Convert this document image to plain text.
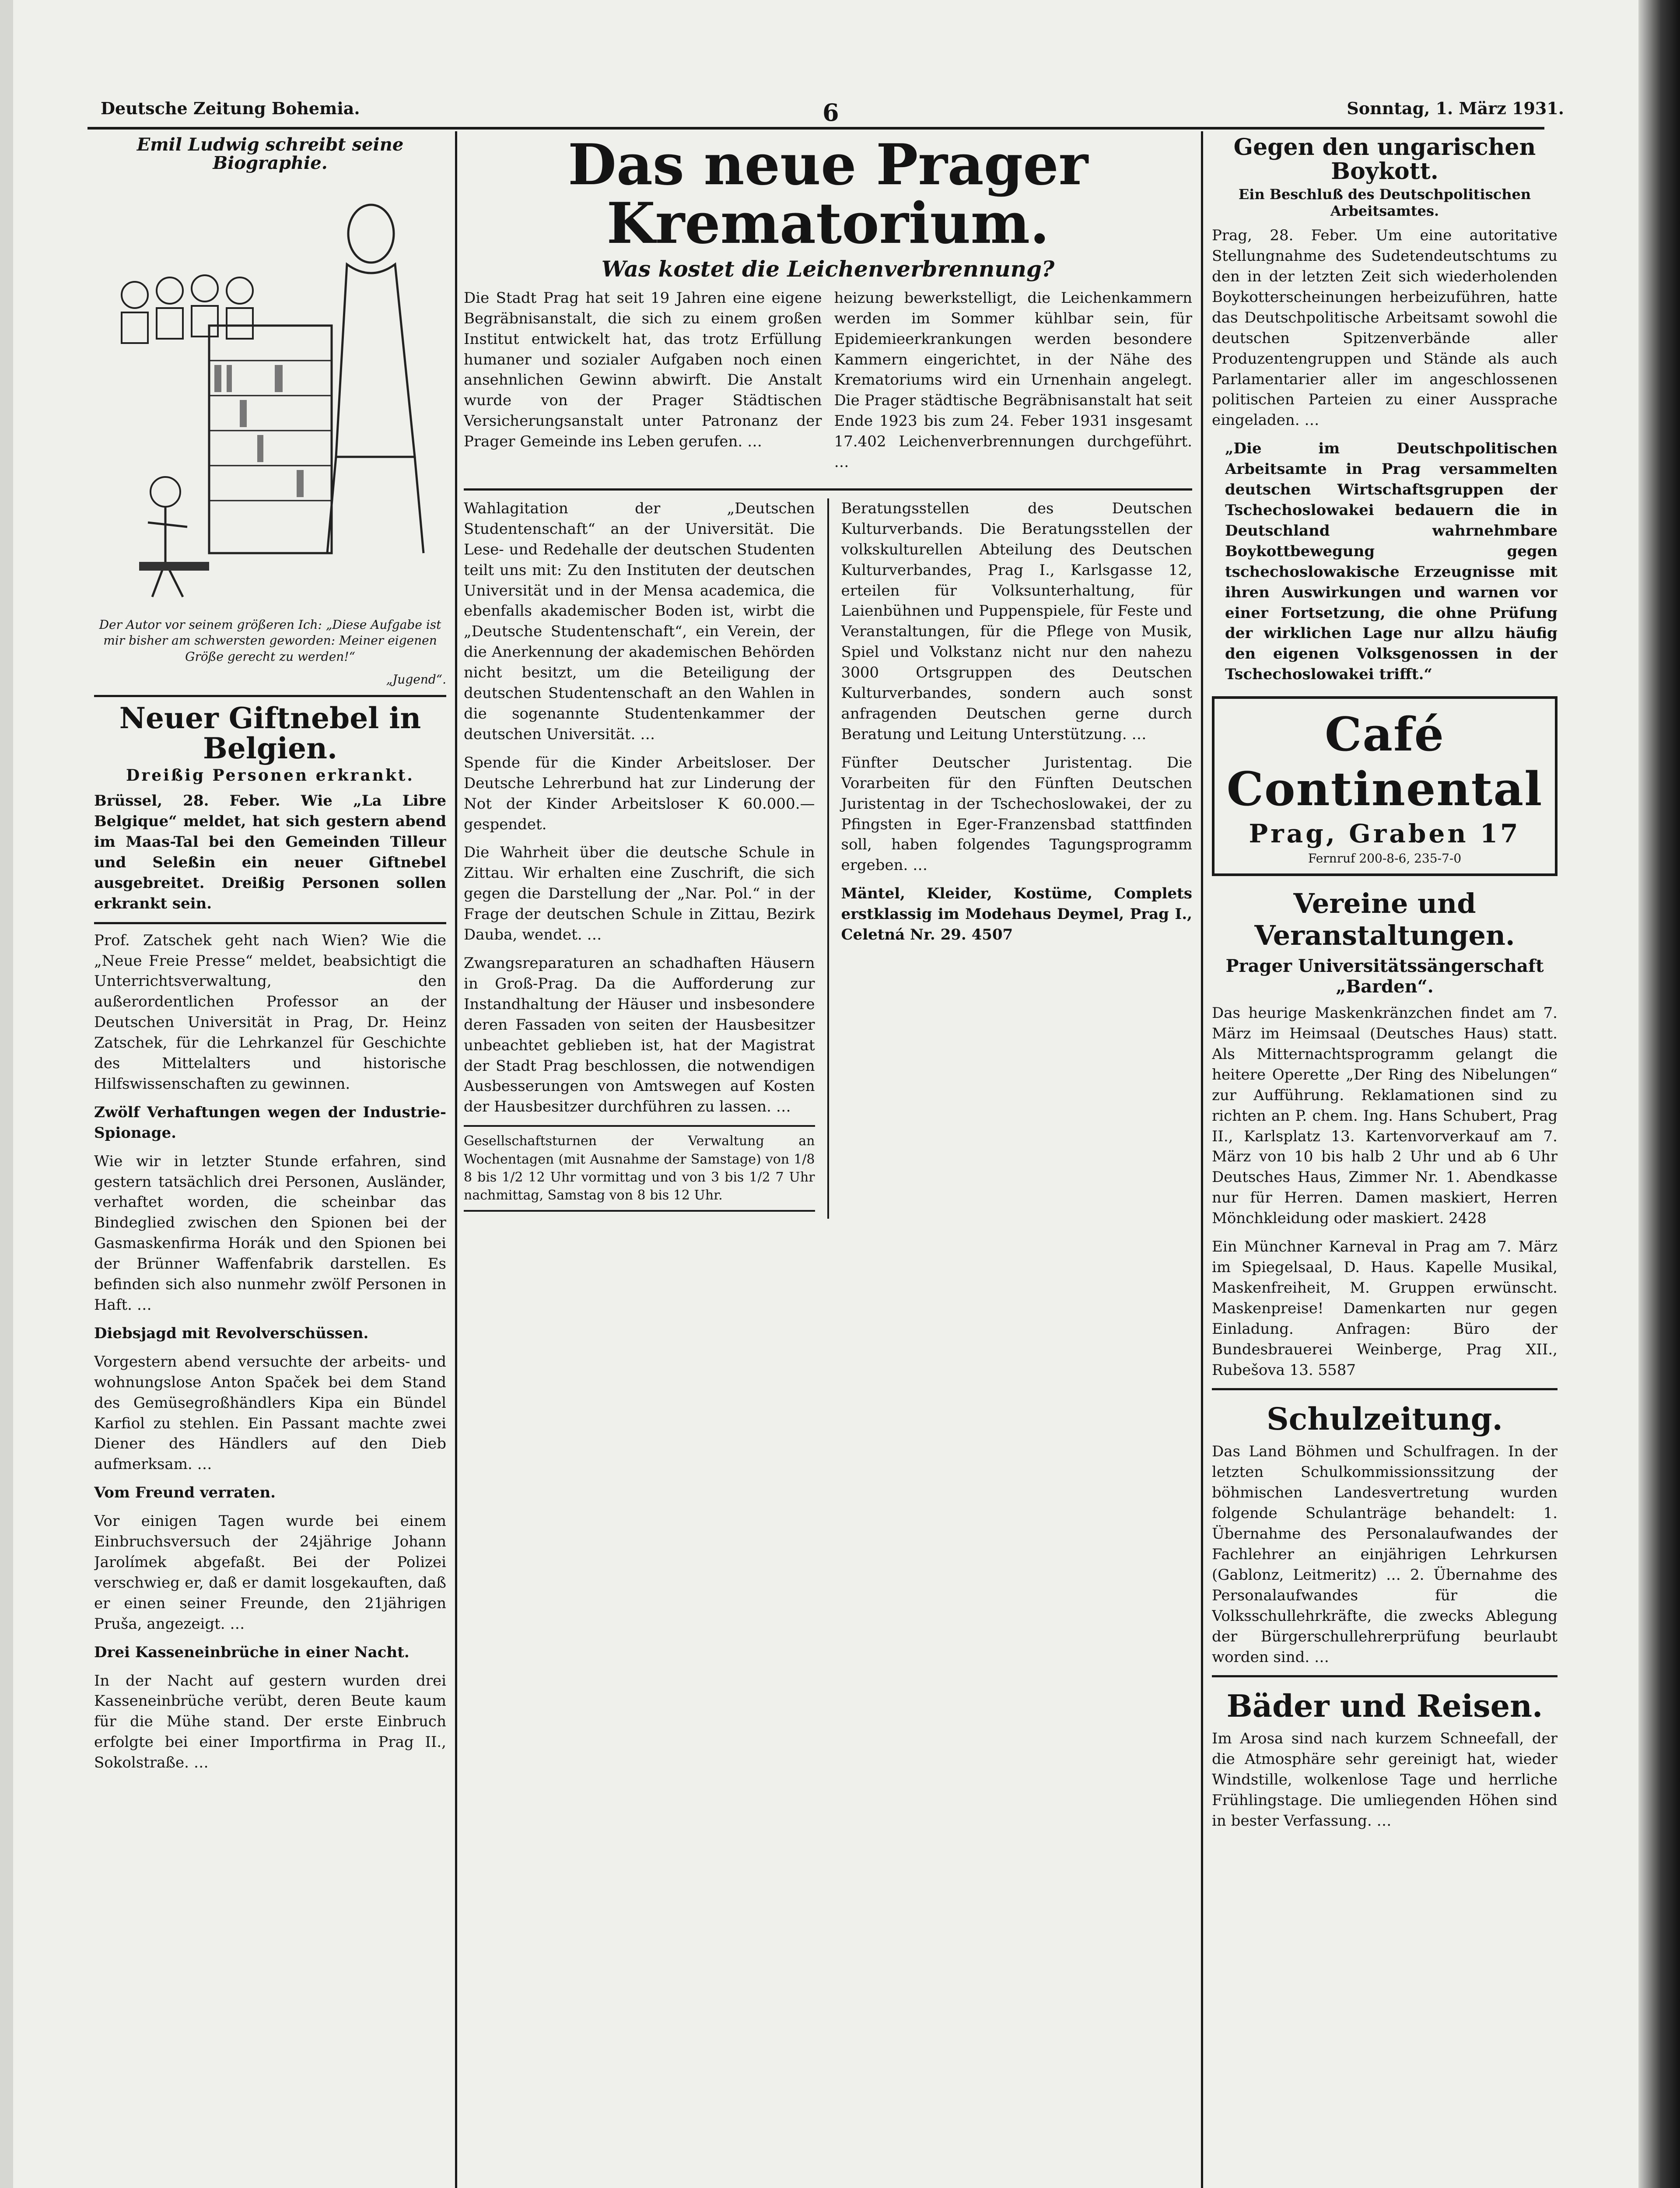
Deutsche Zeitung Bohemia.	6	Sonntag, 1. März 1931.
Emil Ludwig schreibt seine Biographie.
Der Autor vor seinem größeren Ich: „Diese Aufgabe ist mir bisher am schwersten geworden: Meiner eigenen Größe gerecht zu werden!“
„Jugend“.
Neuer Giftnebel in Belgien.
Dreißig Personen erkrankt.

Brüssel, 28. Feber. Wie „La Libre Belgique“ meldet, hat sich gestern abend im Maas-Tal bei den Gemeinden Tilleur und Seleßin ein neuer Giftnebel ausgebreitet. Dreißig Personen sollen erkrankt sein.

Prof. Zatschek geht nach Wien? Wie die „Neue Freie Presse“ meldet, beabsichtigt die Unterrichtsverwaltung, den außerordentlichen Professor an der Deutschen Universität in Prag, Dr. Heinz Zatschek, für die Lehrkanzel für Geschichte des Mittelalters und historische Hilfswissenschaften zu gewinnen.

Zwölf Verhaftungen wegen der Industrie-Spionage.

Wie wir in letzter Stunde erfahren, sind gestern tatsächlich drei Personen, Ausländer, verhaftet worden, die scheinbar das Bindeglied zwischen den Spionen bei der Gasmaskenfirma Horák und den Spionen bei der Brünner Waffenfabrik darstellen. Es befinden sich also nunmehr zwölf Personen in Haft. …

Diebsjagd mit Revolverschüssen.

Vorgestern abend versuchte der arbeits- und wohnungslose Anton Spaček bei dem Stand des Gemüsegroßhändlers Kipa ein Bündel Karfiol zu stehlen. Ein Passant machte zwei Diener des Händlers auf den Dieb aufmerksam. …

Vom Freund verraten.

Vor einigen Tagen wurde bei einem Einbruchsversuch der 24jährige Johann Jarolímek abgefaßt. Bei der Polizei verschwieg er, daß er damit losgekauften, daß er einen seiner Freunde, den 21jährigen Pruša, angezeigt. …

Drei Kasseneinbrüche in einer Nacht.

In der Nacht auf gestern wurden drei Kasseneinbrüche verübt, deren Beute kaum für die Mühe stand. Der erste Einbruch erfolgte bei einer Importfirma in Prag II., Sokolstraße. …

Das neue Prager Krematorium.
Was kostet die Leichenverbrennung?

Die Stadt Prag hat seit 19 Jahren eine eigene Begräbnisanstalt, die sich zu einem großen Institut entwickelt hat, das trotz Erfüllung humaner und sozialer Aufgaben noch einen ansehnlichen Gewinn abwirft. Die Anstalt wurde von der Prager Städtischen Versicherungsanstalt unter Patronanz der Prager Gemeinde ins Leben gerufen. …

heizung bewerkstelligt, die Leichenkammern werden im Sommer kühlbar sein, für Epidemieerkrankungen werden besondere Kammern eingerichtet, in der Nähe des Krematoriums wird ein Urnenhain angelegt. Die Prager städtische Begräbnisanstalt hat seit Ende 1923 bis zum 24. Feber 1931 insgesamt 17.402 Leichenverbrennungen durchgeführt. …

Wahlagitation der „Deutschen Studentenschaft“ an der Universität. Die Lese- und Redehalle der deutschen Studenten teilt uns mit: Zu den Instituten der deutschen Universität und in der Mensa academica, die ebenfalls akademischer Boden ist, wirbt die „Deutsche Studentenschaft“, ein Verein, der die Anerkennung der akademischen Behörden nicht besitzt, um die Beteiligung der deutschen Studentenschaft an den Wahlen in die sogenannte Studentenkammer der deutschen Universität. …

Spende für die Kinder Arbeitsloser. Der Deutsche Lehrerbund hat zur Linderung der Not der Kinder Arbeitsloser K 60.000.— gespendet.

Die Wahrheit über die deutsche Schule in Zittau. Wir erhalten eine Zuschrift, die sich gegen die Darstellung der „Nar. Pol.“ in der Frage der deutschen Schule in Zittau, Bezirk Dauba, wendet. …

Zwangsreparaturen an schadhaften Häusern in Groß-Prag. Da die Aufforderung zur Instandhaltung der Häuser und insbesondere deren Fassaden von seiten der Hausbesitzer unbeachtet geblieben ist, hat der Magistrat der Stadt Prag beschlossen, die notwendigen Ausbesserungen von Amtswegen auf Kosten der Hausbesitzer durchführen zu lassen. …

Gesellschaftsturnen der Verwaltung an Wochentagen (mit Ausnahme der Samstage) von 1/8 8 bis 1/2 12 Uhr vormittag und von 3 bis 1/2 7 Uhr nachmittag, Samstag von 8 bis 12 Uhr.

Beratungsstellen des Deutschen Kulturverbands. Die Beratungsstellen der volkskulturellen Abteilung des Deutschen Kulturverbandes, Prag I., Karlsgasse 12, erteilen für Volksunterhaltung, für Laienbühnen und Puppenspiele, für Feste und Veranstaltungen, für die Pflege von Musik, Spiel und Volkstanz nicht nur den nahezu 3000 Ortsgruppen des Deutschen Kulturverbandes, sondern auch sonst anfragenden Deutschen gerne durch Beratung und Leitung Unterstützung. …

Fünfter Deutscher Juristentag. Die Vorarbeiten für den Fünften Deutschen Juristentag in der Tschechoslowakei, der zu Pfingsten in Eger-Franzensbad stattfinden soll, haben folgendes Tagungsprogramm ergeben. …

Mäntel, Kleider, Kostüme, Complets erstklassig im Modehaus Deymel, Prag I., Celetná Nr. 29. 4507

Gegen den ungarischen Boykott.
Ein Beschluß des Deutschpolitischen Arbeitsamtes.

Prag, 28. Feber. Um eine autoritative Stellungnahme des Sudetendeutschtums zu den in der letzten Zeit sich wiederholenden Boykotterscheinungen herbeizuführen, hatte das Deutschpolitische Arbeitsamt sowohl die deutschen Spitzenverbände aller Produzentengruppen und Stände als auch Parlamentarier aller im angeschlossenen politischen Parteien zu einer Aussprache eingeladen. …

„Die im Deutschpolitischen Arbeitsamte in Prag versammelten deutschen Wirtschaftsgruppen der Tschechoslowakei bedauern die in Deutschland wahrnehmbare Boykottbewegung gegen tschechoslowakische Erzeugnisse mit ihren Auswirkungen und warnen vor einer Fortsetzung, die ohne Prüfung der wirklichen Lage nur allzu häufig den eigenen Volksgenossen in der Tschechoslowakei trifft.“

Café Continental
Prag, Graben 17
Fernruf 200-8-6, 235-7-0
Vereine und Veranstaltungen.
Prager Universitätssängerschaft „Barden“.

Das heurige Maskenkränzchen findet am 7. März im Heimsaal (Deutsches Haus) statt. Als Mitternachtsprogramm gelangt die heitere Operette „Der Ring des Nibelungen“ zur Aufführung. Reklamationen sind zu richten an P. chem. Ing. Hans Schubert, Prag II., Karlsplatz 13. Kartenvorverkauf am 7. März von 10 bis halb 2 Uhr und ab 6 Uhr Deutsches Haus, Zimmer Nr. 1. Abendkasse nur für Herren. Damen maskiert, Herren Mönchkleidung oder maskiert. 2428

Ein Münchner Karneval in Prag am 7. März im Spiegelsaal, D. Haus. Kapelle Musikal, Maskenfreiheit, M. Gruppen erwünscht. Maskenpreise! Damenkarten nur gegen Einladung. Anfragen: Büro der Bundesbrauerei Weinberge, Prag XII., Rubešova 13. 5587

Schulzeitung.

Das Land Böhmen und Schulfragen. In der letzten Schulkommissionssitzung der böhmischen Landesvertretung wurden folgende Schulanträge behandelt: 1. Übernahme des Personalaufwandes der Fachlehrer an einjährigen Lehrkursen (Gablonz, Leitmeritz) … 2. Übernahme des Personalaufwandes für die Volksschullehrkräfte, die zwecks Ablegung der Bürgerschullehrerprüfung beurlaubt worden sind. …

Bäder und Reisen.

Im Arosa sind nach kurzem Schneefall, der die Atmosphäre sehr gereinigt hat, wieder Windstille, wolkenlose Tage und herrliche Frühlingstage. Die umliegenden Höhen sind in bester Verfassung. …
